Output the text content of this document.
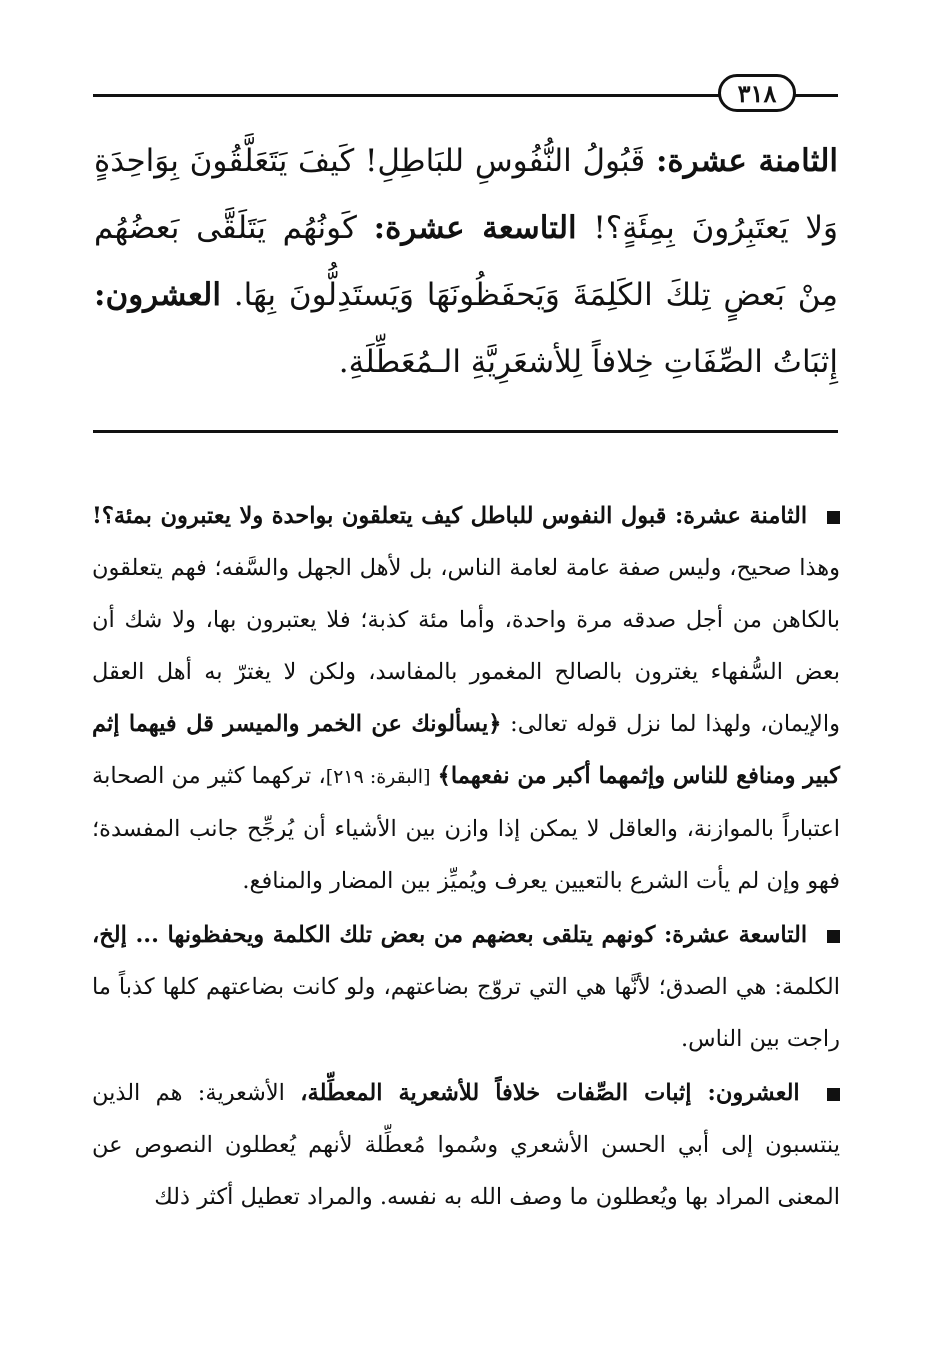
٣١٨
الثامنة عشرة: قَبُولُ النُّفُوسِ للبَاطِلِ! كَيفَ يَتَعَلَّقُونَ بِوَاحِدَةٍ وَلا يَعتَبِرُونَ بِمِئَةٍ؟! التاسعة عشرة: كَونُهُم يَتَلَقَّى بَعضُهُم مِنْ بَعضٍ تِلكَ الكَلِمَةَ وَيَحفَظُونَهَا وَيَستَدِلُّونَ بِهَا. العشرون: إِثبَاتُ الصِّفَاتِ خِلافاً لِلأشعَرِيَّةِ الـمُعَطِّلَةِ.

الثامنة عشرة: قبول النفوس للباطل كيف يتعلقون بواحدة ولا يعتبرون بمئة؟! وهذا صحيح، وليس صفة عامة لعامة الناس، بل لأهل الجهل والسَّفه؛ فهم يتعلقون بالكاهن من أجل صدقه مرة واحدة، وأما مئة كذبة؛ فلا يعتبرون بها، ولا شك أن بعض السُّفهاء يغترون بالصالح المغمور بالمفاسد، ولكن لا يغترّ به أهل العقل والإيمان، ولهذا لما نزل قوله تعالى: ﴿يسألونك عن الخمر والميسر قل فيهما إثم كبير ومنافع للناس وإثمهما أكبر من نفعهما﴾ [البقرة: ٢١٩]، تركهما كثير من الصحابة اعتباراً بالموازنة، والعاقل لا يمكن إذا وازن بين الأشياء أن يُرجِّح جانب المفسدة؛ فهو وإن لم يأت الشرع بالتعيين يعرف ويُميِّز بين المضار والمنافع.

التاسعة عشرة: كونهم يتلقى بعضهم من بعض تلك الكلمة ويحفظونها ... إلخ، الكلمة: هي الصدق؛ لأنَّها هي التي تروّج بضاعتهم، ولو كانت بضاعتهم كلها كذباً ما راجت بين الناس.

العشرون: إثبات الصِّفات خلافاً للأشعرية المعطِّلة، الأشعرية: هم الذين ينتسبون إلى أبي الحسن الأشعري وسُموا مُعطِّلة لأنهم يُعطلون النصوص عن المعنى المراد بها ويُعطلون ما وصف الله به نفسه. والمراد تعطيل أكثر ذلك
